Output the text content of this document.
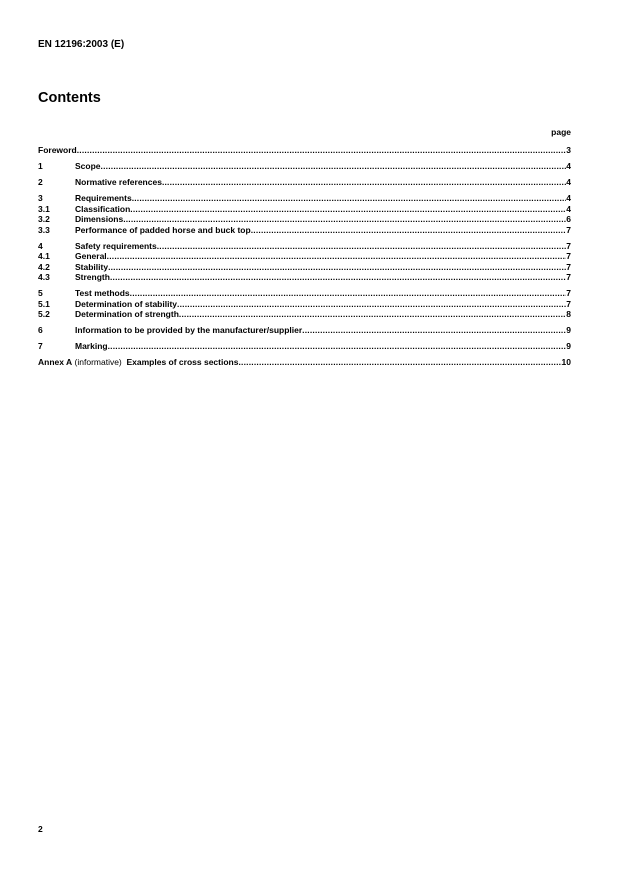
EN 12196:2003 (E)
Contents
page
Foreword .....	3
1	Scope .....	4
2	Normative references .....	4
3	Requirements .....	4
3.1	Classification .....	4
3.2	Dimensions .....	6
3.3	Performance of padded horse and buck top .....	7
4	Safety requirements .....	7
4.1	General .....	7
4.2	Stability .....	7
4.3	Strength .....	7
5	Test methods .....	7
5.1	Determination of stability .....	7
5.2	Determination of strength .....	8
6	Information to be provided by the manufacturer/supplier .....	9
7	Marking .....	9
Annex A (informative)  Examples of cross sections .....	10
2
